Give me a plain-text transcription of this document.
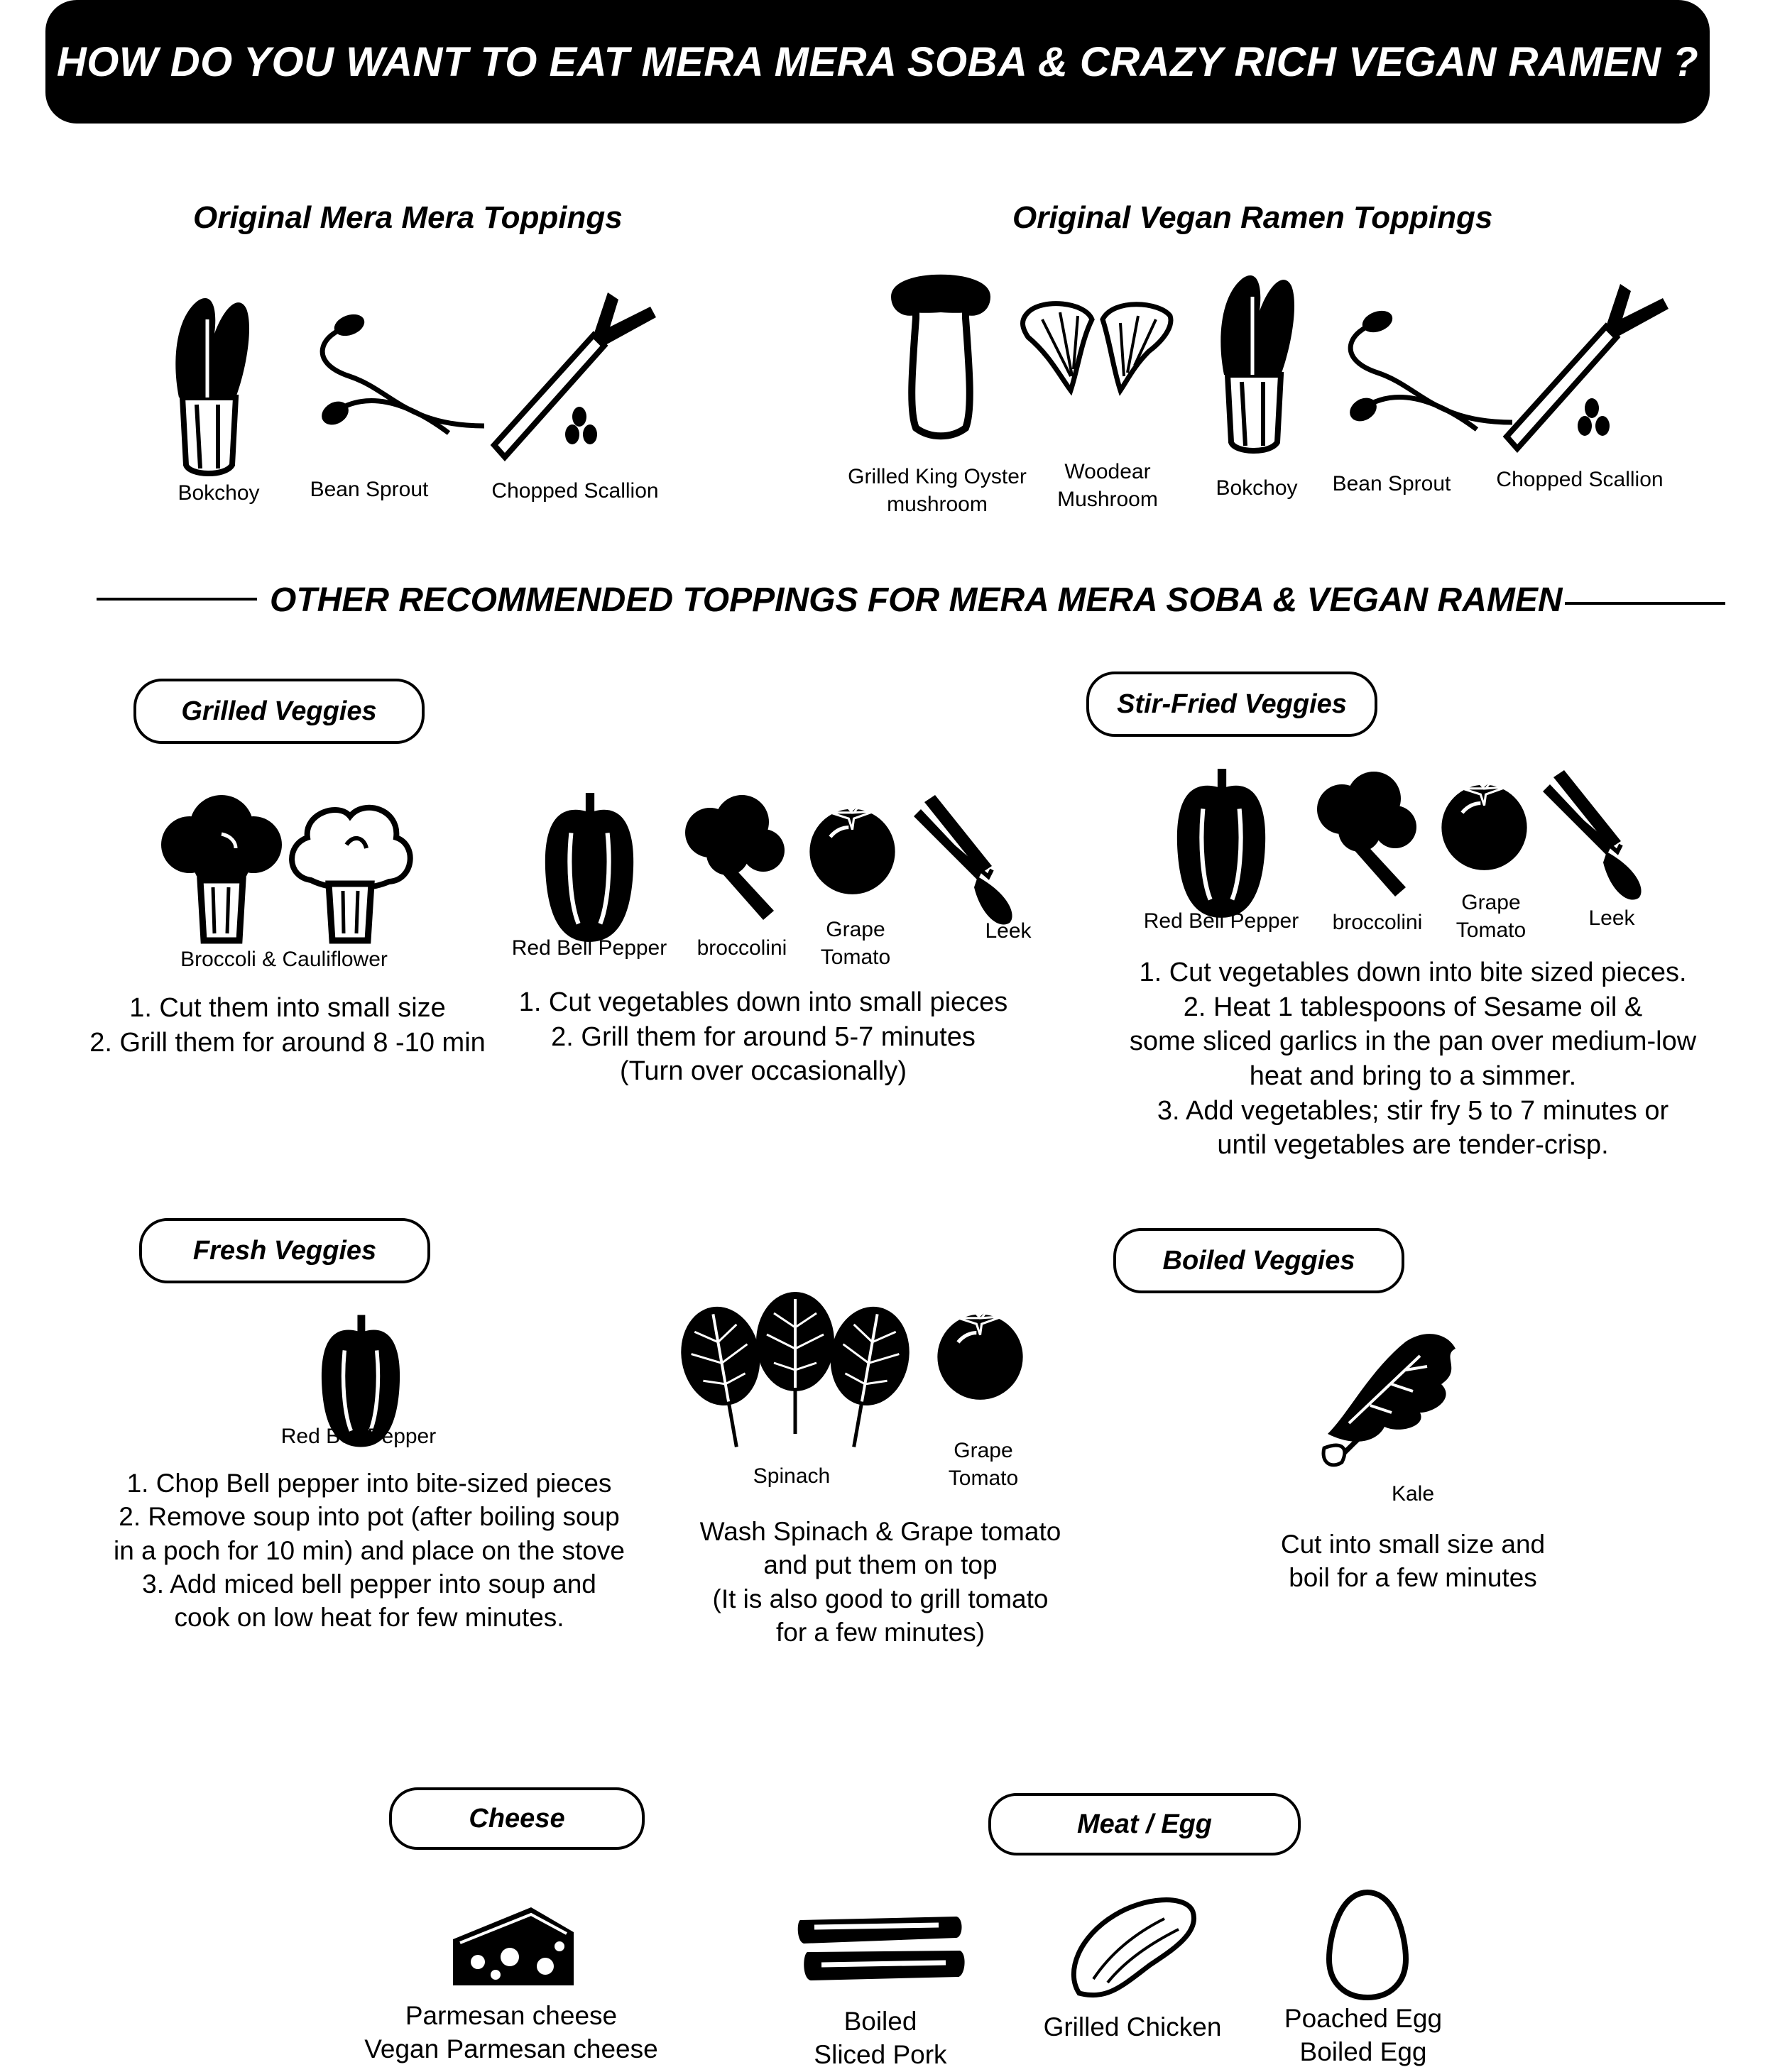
HOW DO YOU WANT TO EAT MERA MERA SOBA & CRAZY RICH VEGAN RAMEN ?
Original Mera Mera Toppings
Bokchoy	Bean Sprout	Chopped Scallion
Original Vegan Ramen Toppings
Grilled King Oyster
mushroom
Woodear
Mushroom	Bokchoy	Bean Sprout	Chopped Scallion
OTHER RECOMMENDED TOPPINGS FOR MERA MERA SOBA & VEGAN RAMEN
Grilled Veggies
Broccoli & Cauliflower
1. Cut them into small size
2. Grill them for around 8 -10 min
Red Bell Pepper	broccolini
Grape
Tomato
Leek
1. Cut vegetables down into small pieces
2. Grill them for around 5-7 minutes
(Turn over occasionally)
Stir-Fried Veggies
Red Bell Pepper	broccolini
Grape
Tomato
Leek
1. Cut vegetables down into bite sized pieces.
2. Heat 1 tablespoons of Sesame oil &
some sliced garlics in the pan over medium-low
heat and bring to a simmer.
3. Add vegetables; stir fry 5 to 7 minutes or
until vegetables are tender-crisp.
Fresh Veggies
Red Bell Pepper
1. Chop Bell pepper into bite-sized pieces
2. Remove soup into pot (after boiling soup
in a poch for 10 min) and place on the stove
3. Add miced bell pepper into soup and
cook on low heat for few minutes.
Spinach
Grape
Tomato
Wash Spinach & Grape tomato
and put them on top
(It is also good to grill tomato
for a few minutes)
Boiled Veggies
Kale
Cut into small size and
boil for a few minutes
Cheese
Parmesan cheese
Vegan Parmesan cheese
Meat / Egg
Boiled
Sliced Pork
Grilled Chicken	Poached Egg
Boiled Egg
